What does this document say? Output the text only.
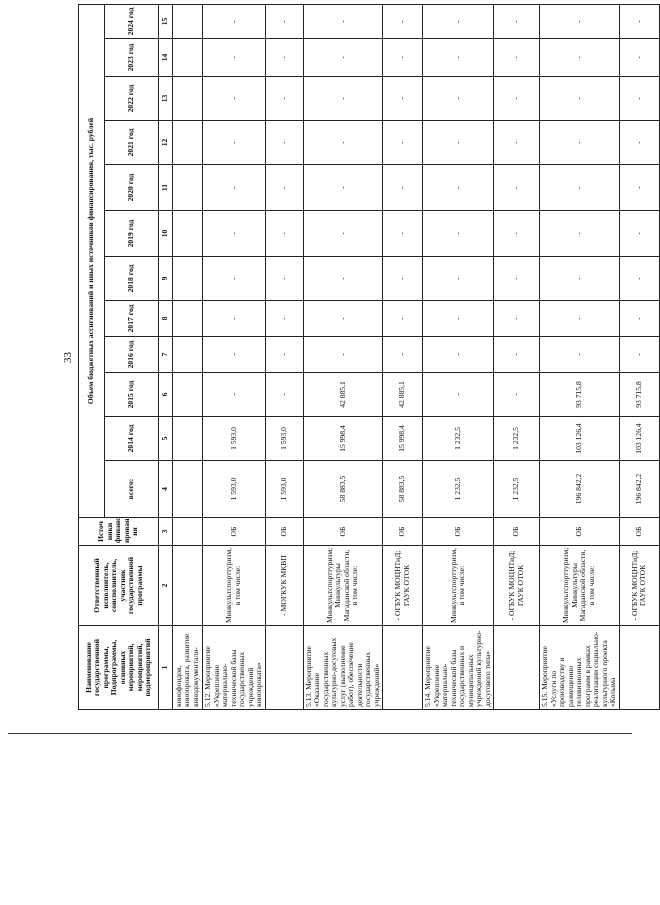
33
Наименование государственной программы, Подпрограммы, основных мероприятий, мероприятий, подмероприятий	Ответственный исполнитель, соисполнитель, участник государственной программы	Источ ники финанс ирован ия	Объем бюджетных ассигнований и иных источников финансирования, тыс. рублей											
			всего:	2014 год	2015 год	2016 год	2017 год	2018 год	2019 год	2020 год	2021 год	2022 год	2023 год	2024 год
1	2	3	4	5	6	7	8	9	10	11	12	13	14	15
кинофондов, кинопроката, развитие кинодокументали-														
5.12. Мероприятие «Укрепление материально-технической базы государственных учреждений кинопроката»	Минкультспорттуризм, в том числе:	ОБ	1 593,0	1 593,0	-	-	-	-	-	-	-	-	-	-
	- МОГКУК МКВП	ОБ	1 593,0	1 593,0	-	-	-	-	-	-	-	-	-	-
5.13. Мероприятие «Оказание государственных культурно-досуговых услуг (выполнение работ), обеспечение деятельности государственных учреждений»	Минкультспорттуризм; Минкультуры Магаданской области, в том числе:	ОБ	58 883,5	15 998,4	42 885,1	-	-	-	-	-	-	-	-	-
	- ОГБУК МОЦНТиД; ГАУК ОТОК	ОБ	58 883,5	15 998,4	42 885,1	-	-	-	-	-	-	-	-	-
5.14. Мероприятие «Укрепление материально-технической базы государственных и муниципальных учреждений культурно-досугового типа»	Минкультспорттуризм, в том числе:	ОБ	1 232,5	1 232,5	-	-	-	-	-	-	-	-	-	-
	- ОГБУК МОЦНТиД; ГАУК ОТОК	ОБ	1 232,5	1 232,5	-	-	-	-	-	-	-	-	-	-
5.15. Мероприятие «Услуги по производству и размещению телевизионных программ в рамках реализации социально-культурного проекта «Колыма	Минкультспорттуризм; Минкультуры Магаданской области, в том числе:	ОБ	196 842,2	103 126,4	93 715,8	-	-	-	-	-	-	-	-	-
	- ОГБУК МОЦНТиД; ГАУК ОТОК	ОБ	196 842,2	103 126,4	93 715,8	-	-	-	-	-	-	-	-	-
